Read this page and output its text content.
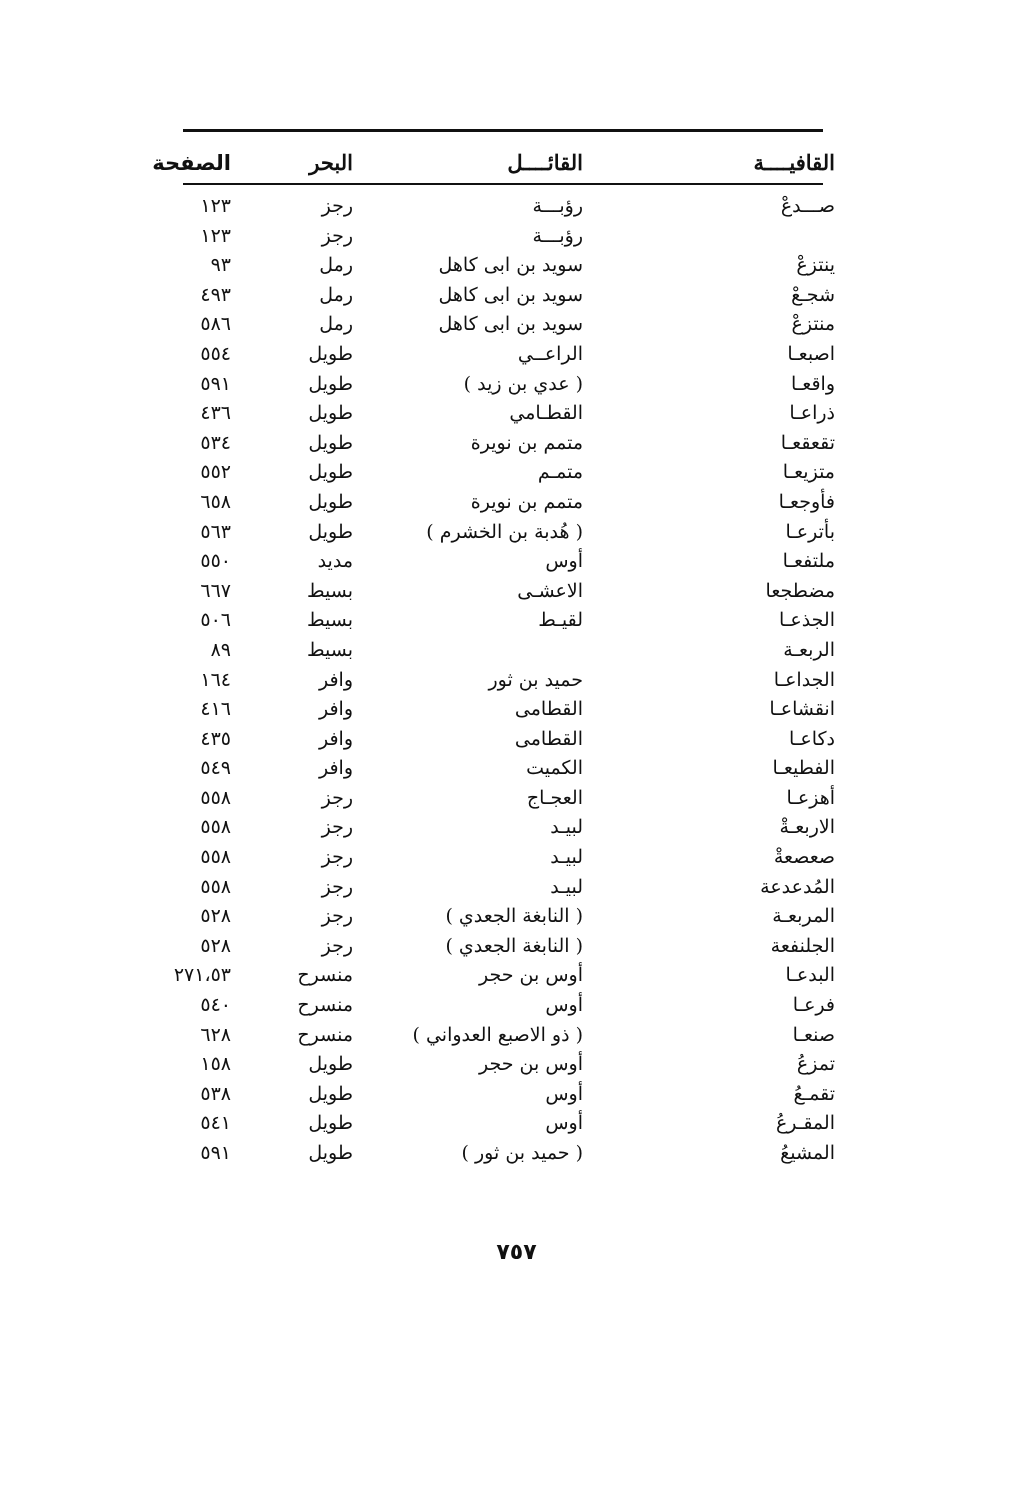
القافيــــة
القائــــل
البحر
الصفحة
صـــدعْ
رؤبـــة
رجز
١٢٣
رؤبـــة
رجز
١٢٣
ينتزعْ
سويد بن ابى كاهل
رمل
٩٣
شجـعْ
سويد بن ابى كاهل
رمل
٤٩٣
منتزعْ
سويد بن ابى كاهل
رمل
٥٨٦
اصبعـا
الراعــي
طويل
٥٥٤
واقعـا
( عدي بن زيد )
طويل
٥٩١
ذراعـا
القطـامي
طويل
٤٣٦
تقعقعـا
متمم بن نويرة
طويل
٥٣٤
متزيعـا
متمـم
طويل
٥٥٢
فأوجعـا
متمم بن نويرة
طويل
٦٥٨
بأترعـا
( هُدبة بن الخشرم )
طويل
٥٦٣
ملتفعـا
أوس
مديد
٥٥٠
مضطجعا
الاعشـى
بسيط
٦٦٧
الجذعـا
لقيـط
بسيط
٥٠٦
الربعـة
بسيط
٨٩
الجداعـا
حميد بن ثور
وافر
١٦٤
انقشاعـا
القطامى
وافر
٤١٦
دكاعـا
القطامى
وافر
٤٣٥
الفطيعـا
الكميت
وافر
٥٤٩
أهزعـا
العجـاج
رجز
٥٥٨
الاربعـةْ
لبيـد
رجز
٥٥٨
صعصعةْ
لبيـد
رجز
٥٥٨
المُدعدعة
لبيـد
رجز
٥٥٨
المربعـة
( النابغة الجعدي )
رجز
٥٢٨
الجلنفعة
( النابغة الجعدي )
رجز
٥٢٨
البدعـا
أوس بن حجر
منسرح
٢٧١،٥٣
فرعـا
أوس
منسرح
٥٤٠
صنعـا
( ذو الاصبع العدواني )
منسرح
٦٢٨
تمزعُ
أوس بن حجر
طويل
١٥٨
تقمـعُ
أوس
طويل
٥٣٨
المقـرعُ
أوس
طويل
٥٤١
المشيعُ
( حميد بن ثور )
طويل
٥٩١
٧٥٧
